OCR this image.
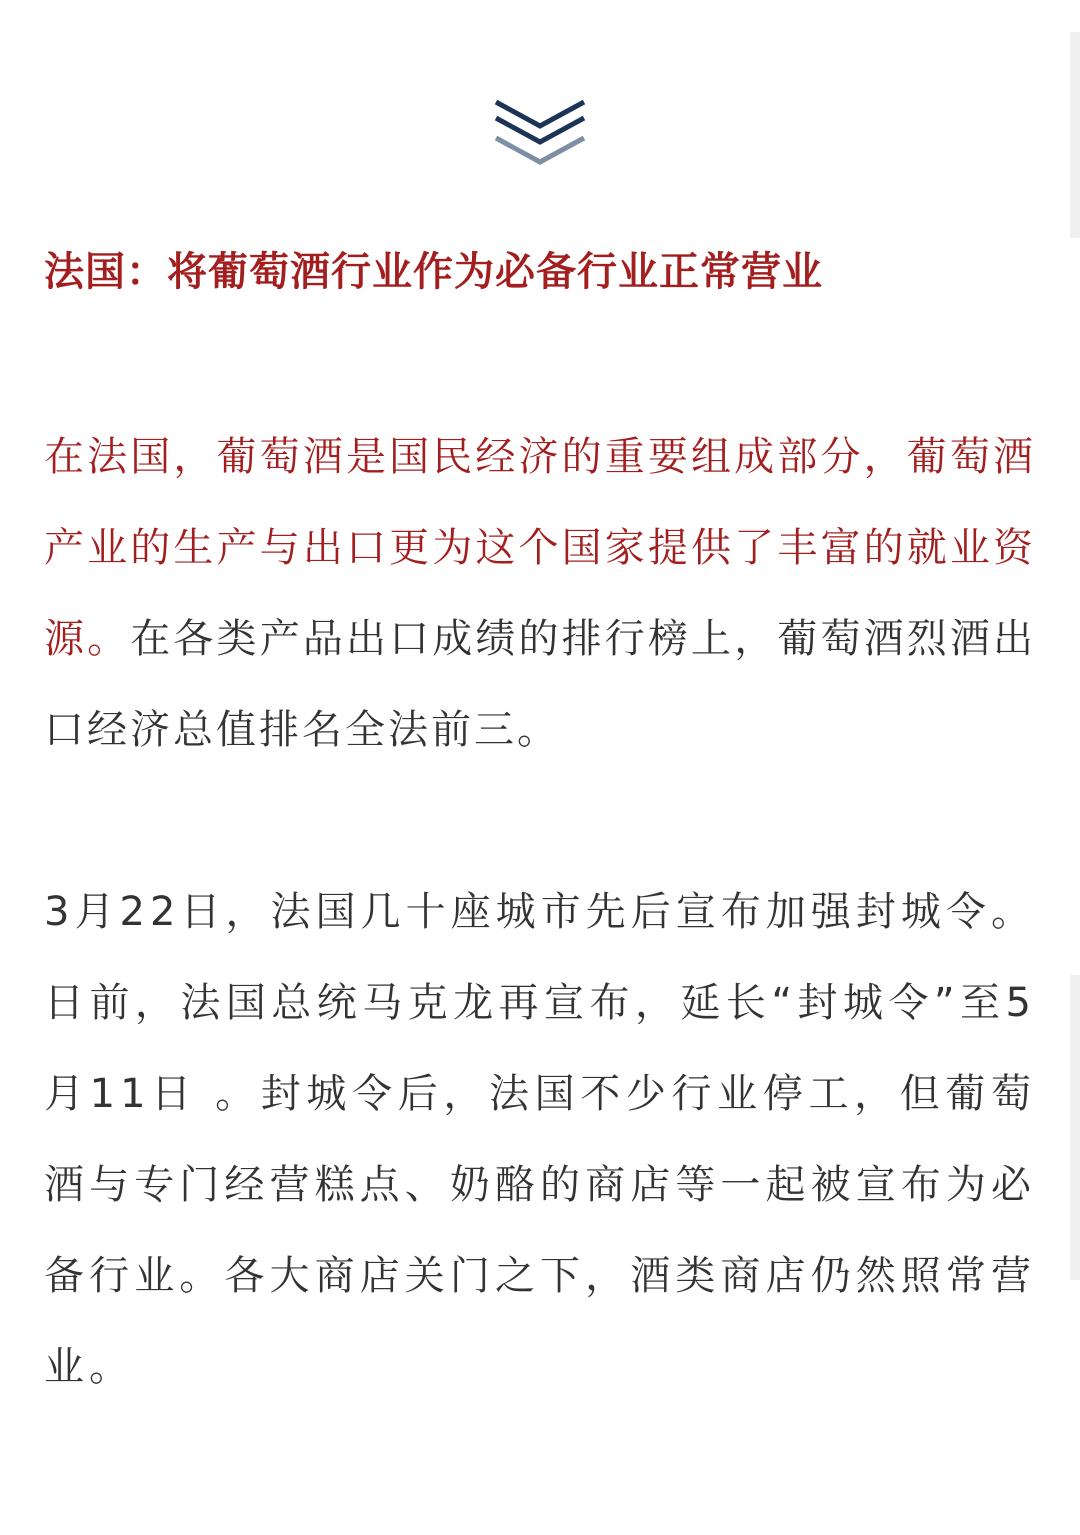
法国：将葡萄酒行业作为必备行业正常营业

在法国，葡萄酒是国民经济的重要组成部分，葡萄酒产业的生产与出口更为这个国家提供了丰富的就业资源。在各类产品出口成绩的排行榜上，葡萄酒烈酒出口经济总值排名全法前三。

3月22日，法国几十座城市先后宣布加强封城令。日前，法国总统马克龙再宣布，延长“封城令”至5月11日 。封城令后，法国不少行业停工，但葡萄酒与专门经营糕点、奶酪的商店等一起被宣布为必备行业。各大商店关门之下，酒类商店仍然照常营业。
